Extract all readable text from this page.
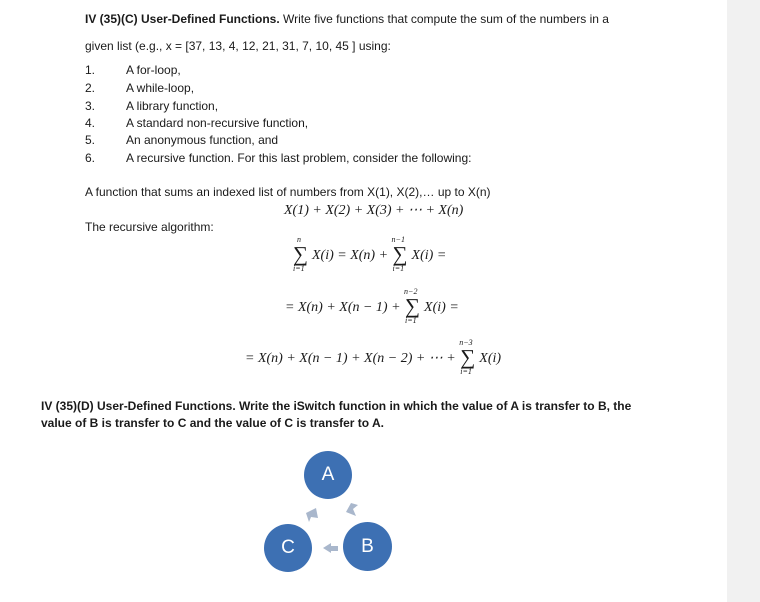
IV (35)(C) User-Defined Functions. Write five functions that compute the sum of the numbers in a
given list (e.g., x = [37, 13, 4, 12, 21, 31, 7, 10, 45 ] using:
1.	A for-loop,
2.	A while-loop,
3.	A library function,
4.	A standard non-recursive function,
5.	An anonymous function, and
6.	A recursive function. For this last problem, consider the following:
A function that sums an indexed list of numbers from X(1), X(2),… up to X(n)
X(1) + X(2) + X(3) + ⋯ + X(n)
The recursive algorithm:
∑
n
i=1
X(i) = X(n) + ∑
n−1
i=1
X(i) =
= X(n) + X(n − 1) + ∑
n−2
i=1
X(i) =
= X(n) + X(n − 1) + X(n − 2) + ⋯ + ∑
n−3
i=1
X(i)
IV (35)(D) User-Defined Functions. Write the iSwitch function in which the value of A is transfer to B, the
value of B is transfer to C and the value of C is transfer to A.
A
C	B
